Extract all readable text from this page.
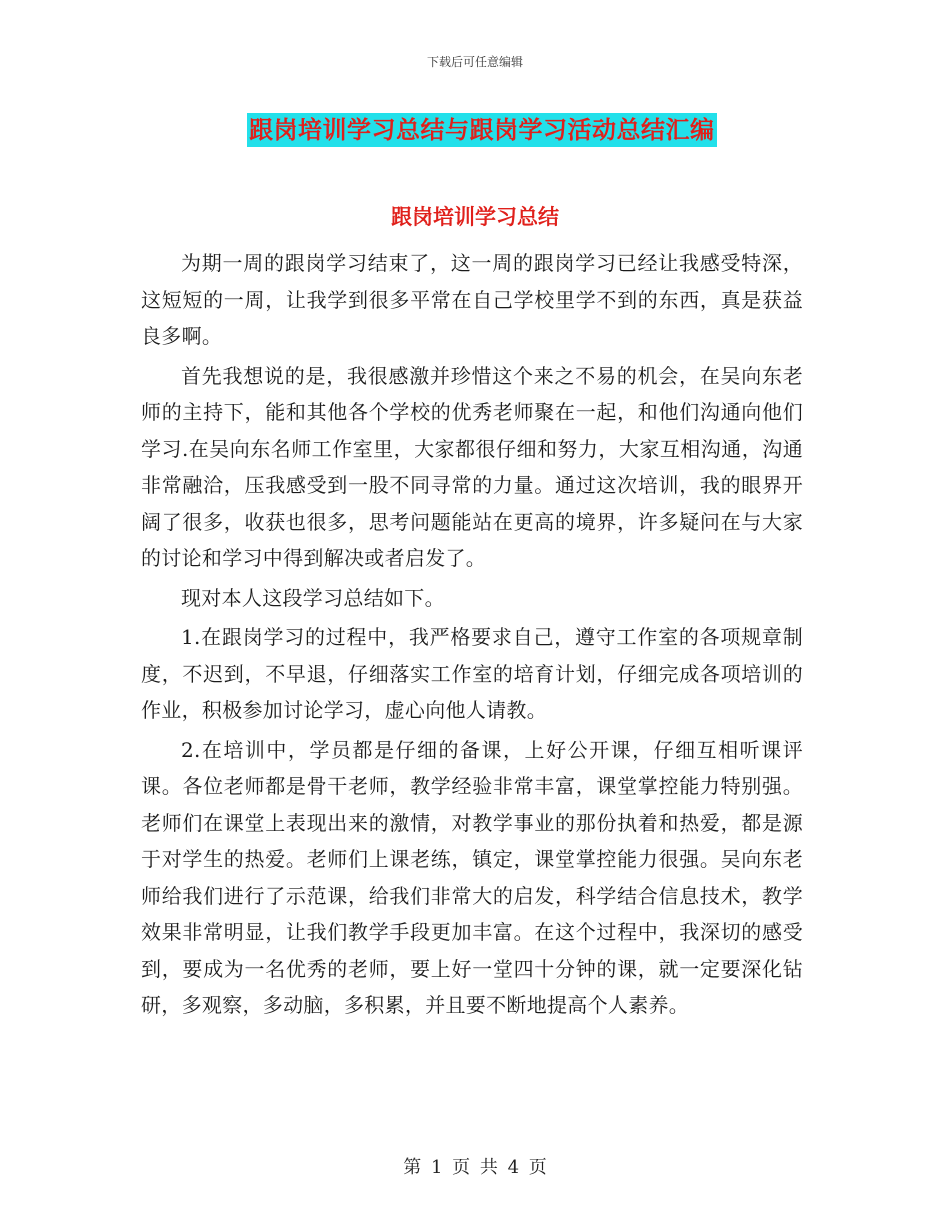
下载后可任意编辑
跟岗培训学习总结与跟岗学习活动总结汇编
跟岗培训学习总结

为期一周的跟岗学习结束了，这一周的跟岗学习已经让我感受特深，这短短的一周，让我学到很多平常在自己学校里学不到的东西，真是获益良多啊。

首先我想说的是，我很感激并珍惜这个来之不易的机会，在吴向东老师的主持下，能和其他各个学校的优秀老师聚在一起，和他们沟通向他们学习.在吴向东名师工作室里，大家都很仔细和努力，大家互相沟通，沟通非常融洽，压我感受到一股不同寻常的力量。通过这次培训，我的眼界开阔了很多，收获也很多，思考问题能站在更高的境界，许多疑问在与大家的讨论和学习中得到解决或者启发了。

现对本人这段学习总结如下。

1.在跟岗学习的过程中，我严格要求自己，遵守工作室的各项规章制度，不迟到，不早退，仔细落实工作室的培育计划，仔细完成各项培训的作业，积极参加讨论学习，虚心向他人请教。

2.在培训中，学员都是仔细的备课，上好公开课，仔细互相听课评课。各位老师都是骨干老师，教学经验非常丰富，课堂掌控能力特别强。老师们在课堂上表现出来的激情，对教学事业的那份执着和热爱，都是源于对学生的热爱。老师们上课老练，镇定，课堂掌控能力很强。吴向东老师给我们进行了示范课，给我们非常大的启发，科学结合信息技术，教学效果非常明显，让我们教学手段更加丰富。在这个过程中，我深切的感受到，要成为一名优秀的老师，要上好一堂四十分钟的课，就一定要深化钻研，多观察，多动脑，多积累，并且要不断地提高个人素养。

第 1 页 共 4 页
